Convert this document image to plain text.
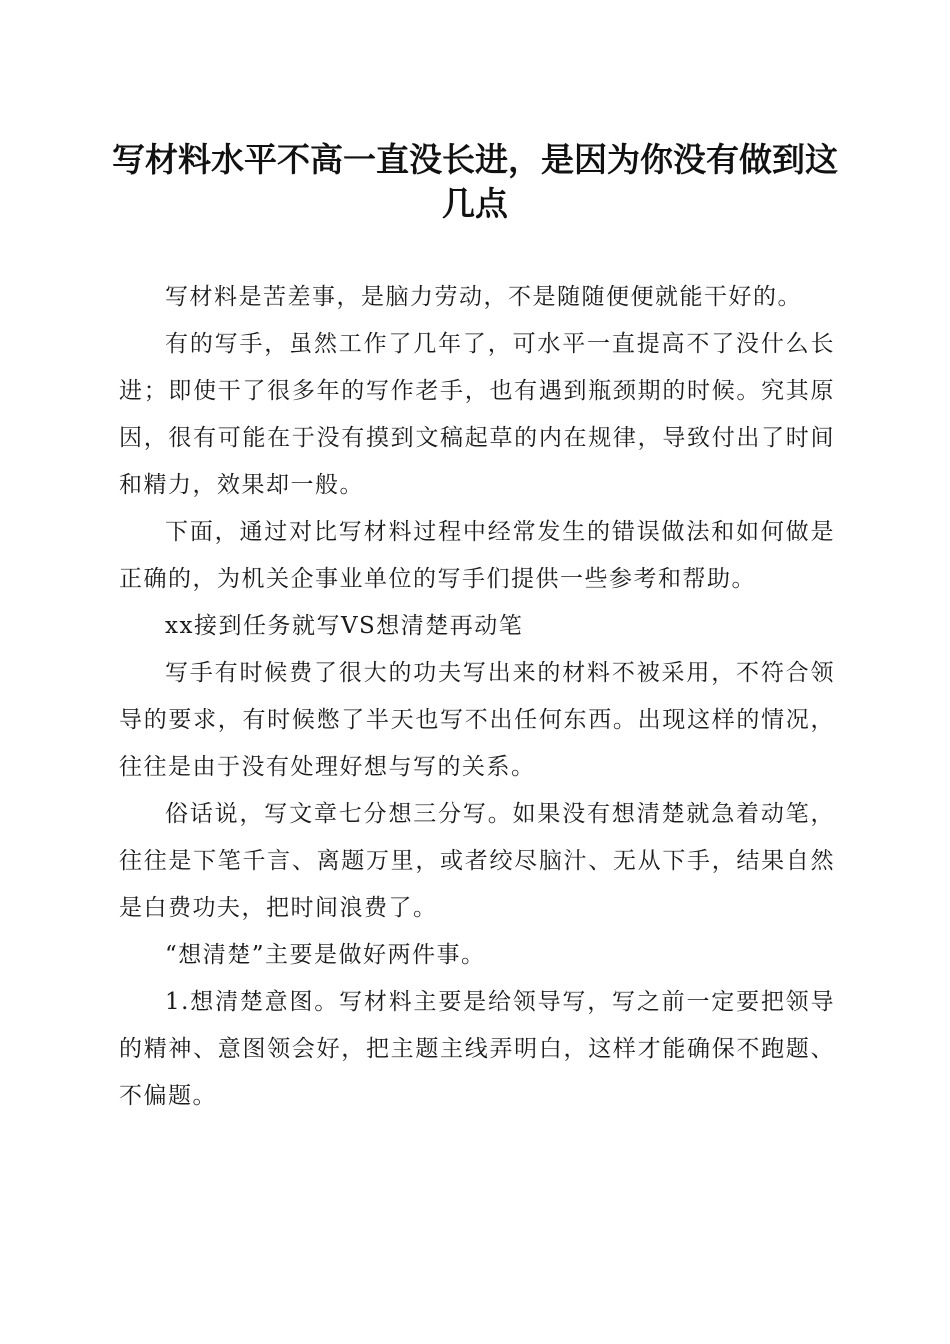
写材料水平不高一直没长进，是因为你没有做到这几点

写材料是苦差事，是脑力劳动，不是随随便便就能干好的。

有的写手，虽然工作了几年了，可水平一直提高不了没什么长进；即使干了很多年的写作老手，也有遇到瓶颈期的时候。究其原因，很有可能在于没有摸到文稿起草的内在规律，导致付出了时间和精力，效果却一般。

下面，通过对比写材料过程中经常发生的错误做法和如何做是正确的，为机关企事业单位的写手们提供一些参考和帮助。

xx接到任务就写VS想清楚再动笔

写手有时候费了很大的功夫写出来的材料不被采用，不符合领导的要求，有时候憋了半天也写不出任何东西。出现这样的情况，往往是由于没有处理好想与写的关系。

俗话说，写文章七分想三分写。如果没有想清楚就急着动笔，往往是下笔千言、离题万里，或者绞尽脑汁、无从下手，结果自然是白费功夫，把时间浪费了。

“想清楚”主要是做好两件事。

1.想清楚意图。写材料主要是给领导写，写之前一定要把领导的精神、意图领会好，把主题主线弄明白，这样才能确保不跑题、不偏题。
